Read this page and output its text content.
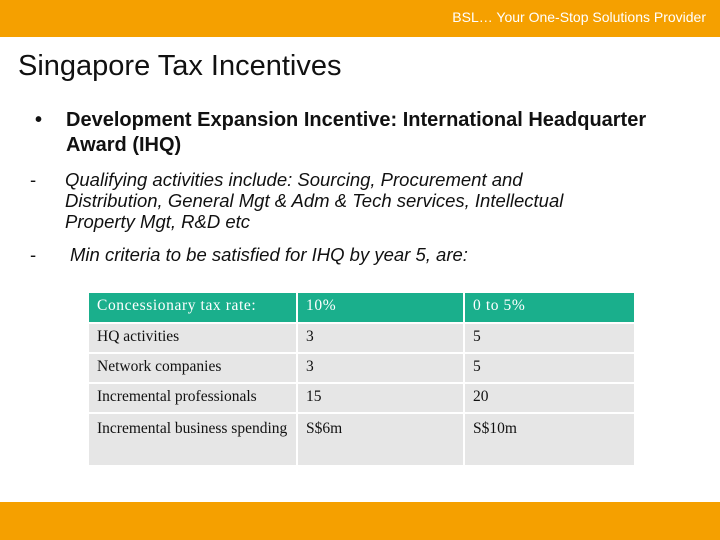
BSL… Your One-Stop Solutions Provider
Singapore Tax Incentives
• Development Expansion Incentive: International Headquarter Award (IHQ)
- Qualifying activities include: Sourcing, Procurement and Distribution, General Mgt & Adm & Tech services, Intellectual Property Mgt, R&D etc
- Min criteria to be satisfied for IHQ by year 5, are:
Concessionary tax rate:	10%	0 to 5%
HQ activities	3	5
Network companies	3	5
Incremental professionals	15	20
Incremental business spending	S$6m	S$10m
